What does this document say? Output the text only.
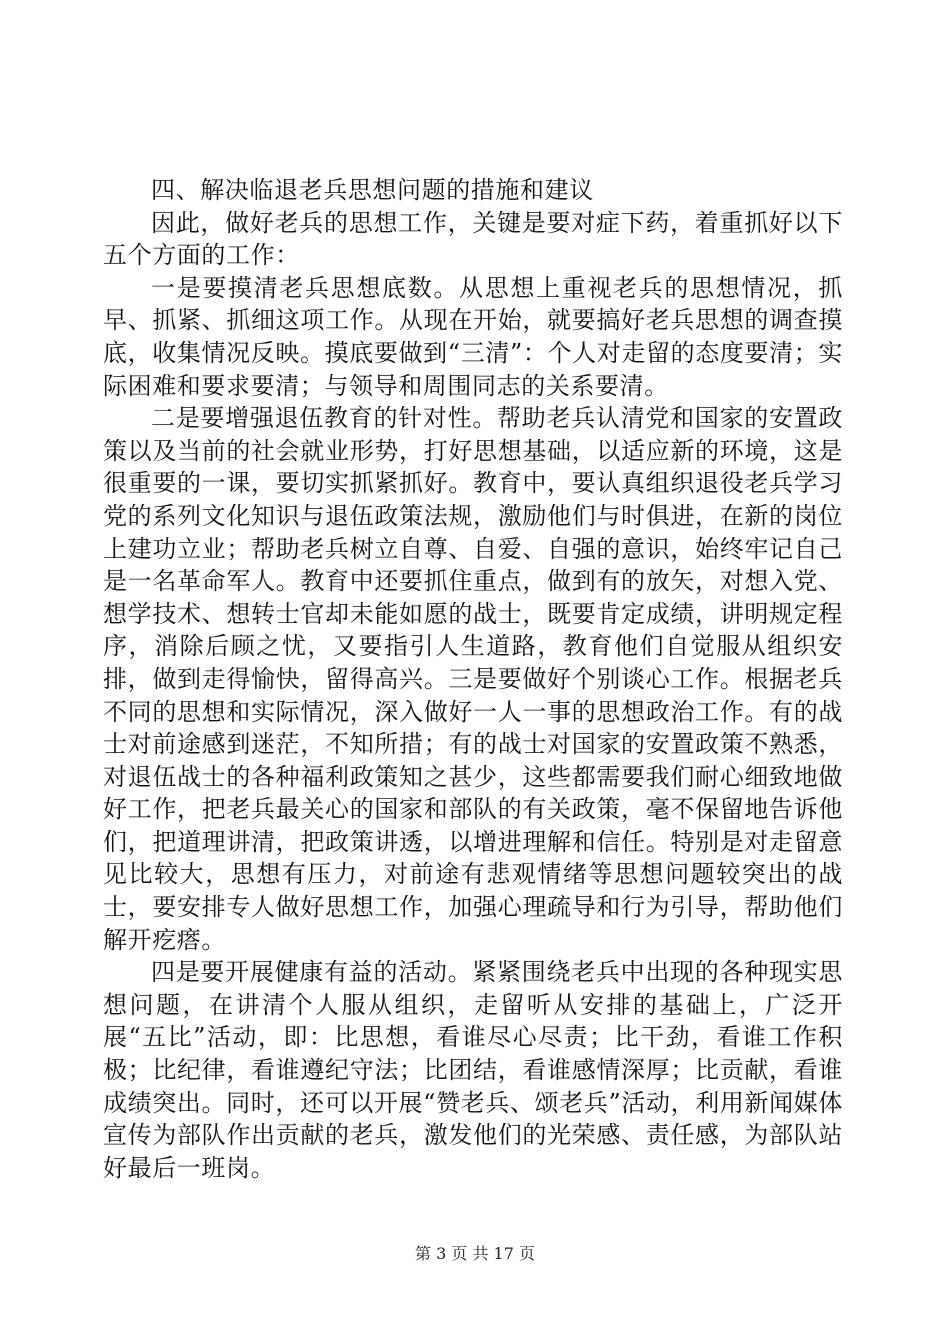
四、解决临退老兵思想问题的措施和建议

因此，做好老兵的思想工作，关键是要对症下药，着重抓好以下五个方面的工作：

一是要摸清老兵思想底数。从思想上重视老兵的思想情况，抓早、抓紧、抓细这项工作。从现在开始，就要搞好老兵思想的调查摸底，收集情况反映。摸底要做到“三清”：个人对走留的态度要清；实际困难和要求要清；与领导和周围同志的关系要清。

二是要增强退伍教育的针对性。帮助老兵认清党和国家的安置政策以及当前的社会就业形势，打好思想基础，以适应新的环境，这是很重要的一课，要切实抓紧抓好。教育中，要认真组织退役老兵学习党的系列文化知识与退伍政策法规，激励他们与时俱进，在新的岗位上建功立业；帮助老兵树立自尊、自爱、自强的意识，始终牢记自己是一名革命军人。教育中还要抓住重点，做到有的放矢，对想入党、想学技术、想转士官却未能如愿的战士，既要肯定成绩，讲明规定程序，消除后顾之忧，又要指引人生道路，教育他们自觉服从组织安排，做到走得愉快，留得高兴。三是要做好个别谈心工作。根据老兵不同的思想和实际情况，深入做好一人一事的思想政治工作。有的战士对前途感到迷茫，不知所措；有的战士对国家的安置政策不熟悉，对退伍战士的各种福利政策知之甚少，这些都需要我们耐心细致地做好工作，把老兵最关心的国家和部队的有关政策，毫不保留地告诉他们，把道理讲清，把政策讲透，以增进理解和信任。特别是对走留意见比较大，思想有压力，对前途有悲观情绪等思想问题较突出的战士，要安排专人做好思想工作，加强心理疏导和行为引导，帮助他们解开疙瘩。

四是要开展健康有益的活动。紧紧围绕老兵中出现的各种现实思想问题，在讲清个人服从组织，走留听从安排的基础上，广泛开展“五比”活动，即：比思想，看谁尽心尽责；比干劲，看谁工作积极；比纪律，看谁遵纪守法；比团结，看谁感情深厚；比贡献，看谁成绩突出。同时，还可以开展“赞老兵、颂老兵”活动，利用新闻媒体宣传为部队作出贡献的老兵，激发他们的光荣感、责任感，为部队站好最后一班岗。

第 3 页 共 17 页
